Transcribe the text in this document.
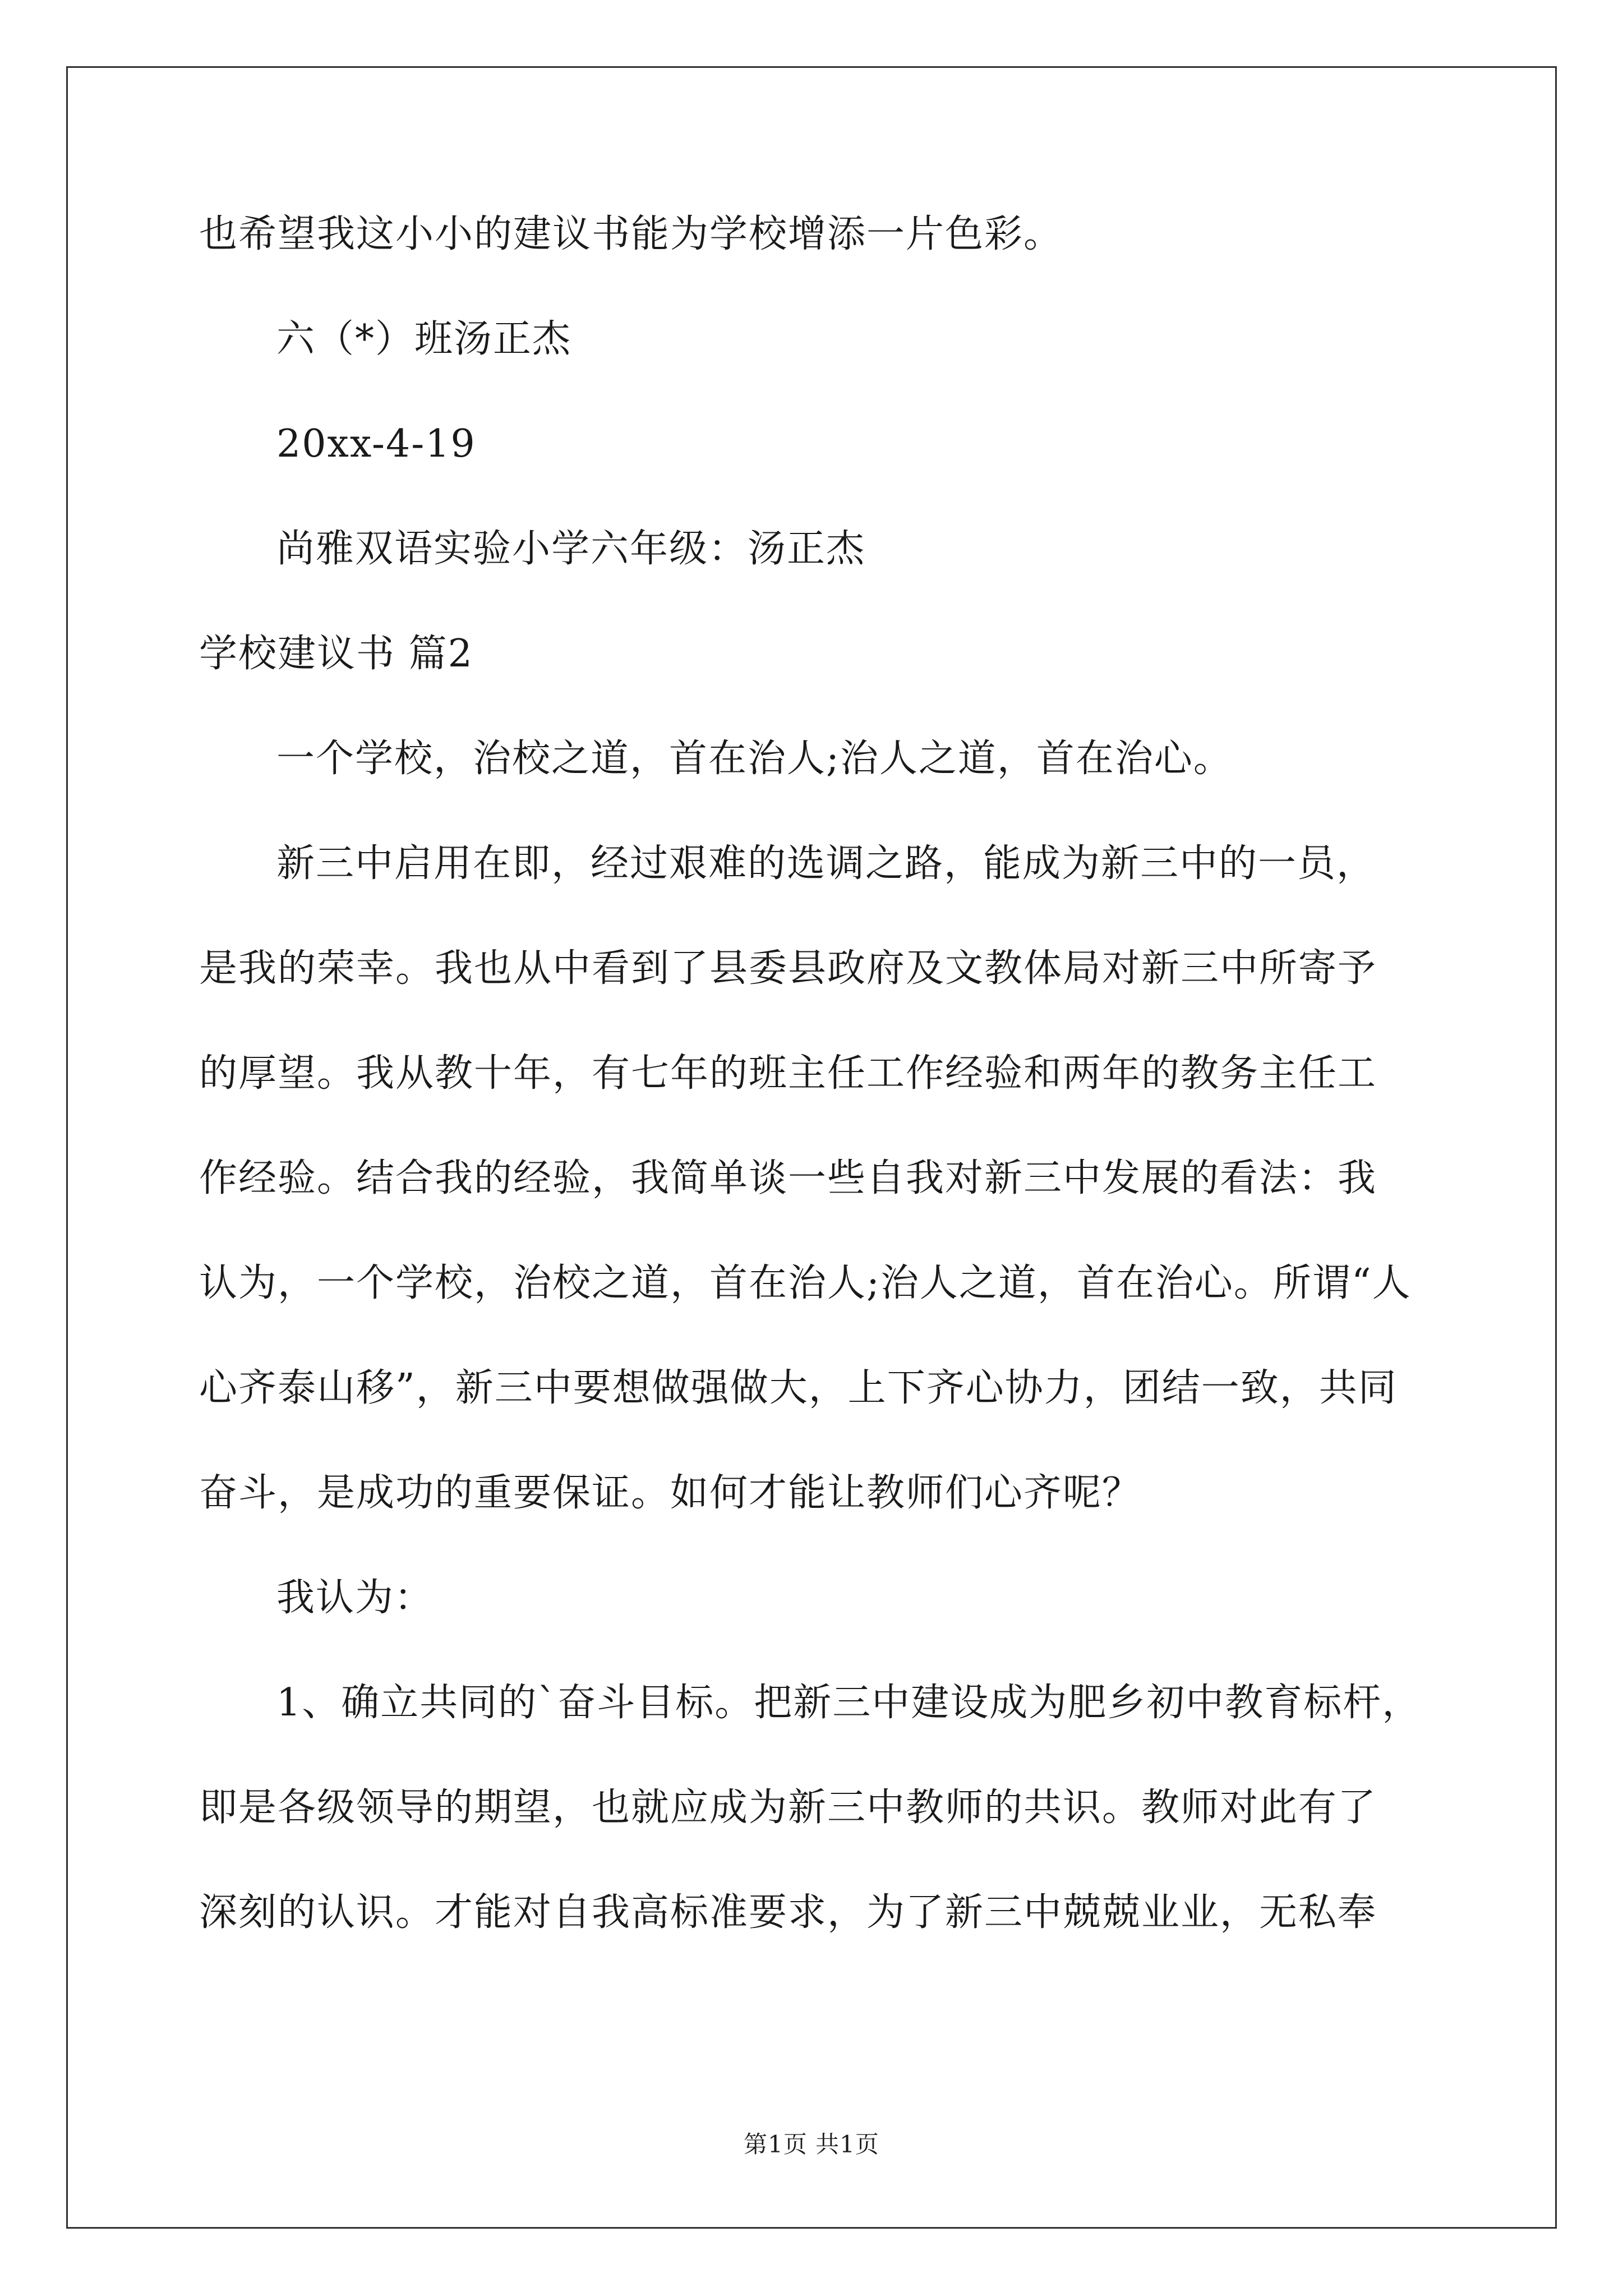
也希望我这小小的建议书能为学校增添一片色彩。
六（*）班汤正杰
20xx-4-19
尚雅双语实验小学六年级：汤正杰
学校建议书 篇2
一个学校，治校之道，首在治人;治人之道，首在治心。
新三中启用在即，经过艰难的选调之路，能成为新三中的一员，
是我的荣幸。我也从中看到了县委县政府及文教体局对新三中所寄予
的厚望。我从教十年，有七年的班主任工作经验和两年的教务主任工
作经验。结合我的经验，我简单谈一些自我对新三中发展的看法：我
认为，一个学校，治校之道，首在治人;治人之道，首在治心。所谓“人
心齐泰山移”，新三中要想做强做大，上下齐心协力，团结一致，共同
奋斗，是成功的重要保证。如何才能让教师们心齐呢？
我认为：
1、确立共同的`奋斗目标。把新三中建设成为肥乡初中教育标杆，
即是各级领导的期望，也就应成为新三中教师的共识。教师对此有了
深刻的认识。才能对自我高标准要求，为了新三中兢兢业业，无私奉
第1页 共1页
